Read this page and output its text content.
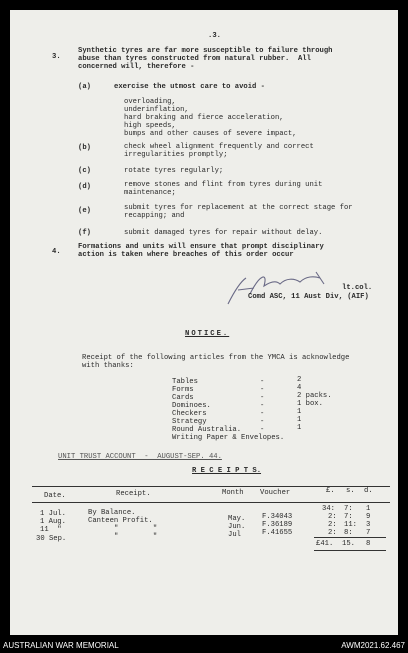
.3.
3.
Synthetic tyres are far more susceptible to failure through
abuse than tyres constructed from natural rubber.  All
concerned will, therefore -
(a)	exercise the utmost care to avoid -
overloading,
underinflation,
hard braking and fierce acceleration,
high speeds,
bumps and other causes of severe impact,
(b)	check wheel alignment frequently and correct
irregularities promptly;
(c)	rotate tyres regularly;
(d)	remove stones and flint from tyres during unit
maintenance;
(e)	submit tyres for replacement at the correct stage for
recapping; and
(f)	submit damaged tyres for repair without delay.
4.
Formations and units will ensure that prompt disciplinary
action is taken where breaches of this order occur
lt.col.
Comd ASC, 11 Aust Div, (AIF)
NOTICE.
Receipt of the following articles from the YMCA is acknowledge
with thanks:
Tables	-	2
Forms	-	4
Cards	-	2 packs.
Dominoes.	-	1 box.
Checkers	-	1
Strategy	-	1
Round Australia.	-	1
Writing Paper & Envelopes.
UNIT TRUST ACCOUNT  -  AUGUST-SEP. 44.
R E C E I P T S.
Date.	Receipt.	Month Voucher	£. s. d.
1 Jul.	By Balance.	34: 7: 1
1 Aug.	Canteen Profit.	May. F.34043	2: 7: 9
11  "	"        "	Jun. F.36189	2: 11: 3
30 Sep.	"        "	Jul	F.41655	2: 8: 7
£41. 15. 8
AUSTRALIAN WAR MEMORIAL	AWM2021.62.467
